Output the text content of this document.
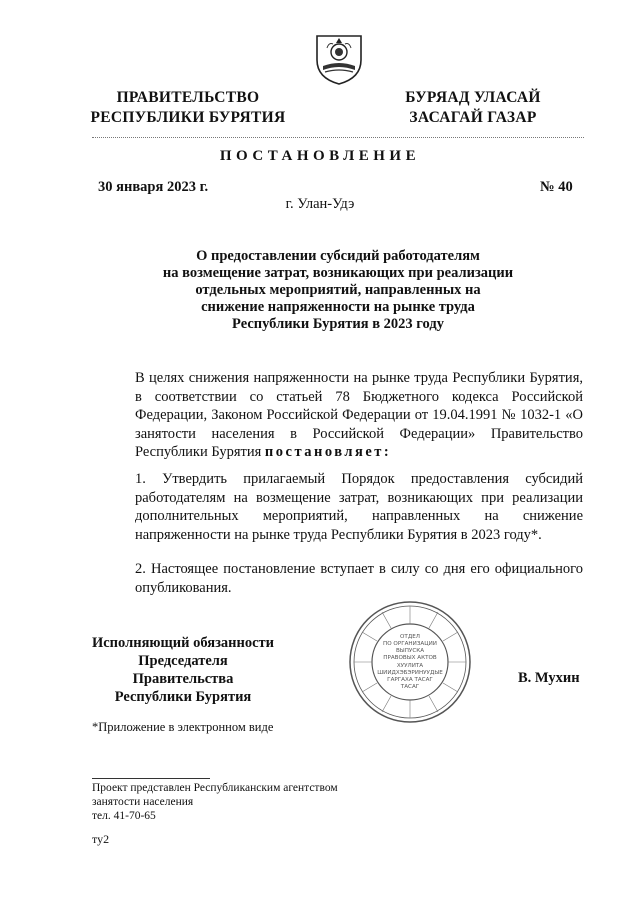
ПРАВИТЕЛЬСТВО
РЕСПУБЛИКИ БУРЯТИЯ
БУРЯАД УЛАСАЙ
ЗАСАГАЙ ГАЗАР
ПОСТАНОВЛЕНИЕ
30 января 2023 г.	№ 40
г. Улан-Удэ
О предоставлении субсидий работодателям
на возмещение затрат, возникающих при реализации
отдельных мероприятий, направленных на
снижение напряженности на рынке труда
Республики Бурятия в 2023 году
В целях снижения напряженности на рынке труда Республики Бурятия, в соответствии со статьей 78 Бюджетного кодекса Российской Федерации, Законом Российской Федерации от 19.04.1991 № 1032-1 «О занятости населения в Российской Федерации» Правительство Республики Бурятия постановляет:
1. Утвердить прилагаемый Порядок предоставления субсидий работодателям на возмещение затрат, возникающих при реализации дополнительных мероприятий, направленных на снижение напряженности на рынке труда Республики Бурятия в 2023 году*.
2. Настоящее постановление вступает в силу со дня его официального опубликования.
Исполняющий обязанности
Председателя Правительства
Республики Бурятия
ОТДЕЛ
ПО ОРГАНИЗАЦИИ
ВЫПУСКА
ПРАВОВЫХ АКТОВ
ХУУЛИТА
ШИИДХЭБЭРИНУУДЫЕ
ГАРГАХА ТАСАГ
ТАСАГ
В. Мухин
*Приложение в электронном виде
Проект представлен Республиканским агентством
занятости населения
тел. 41-70-65
ту2
